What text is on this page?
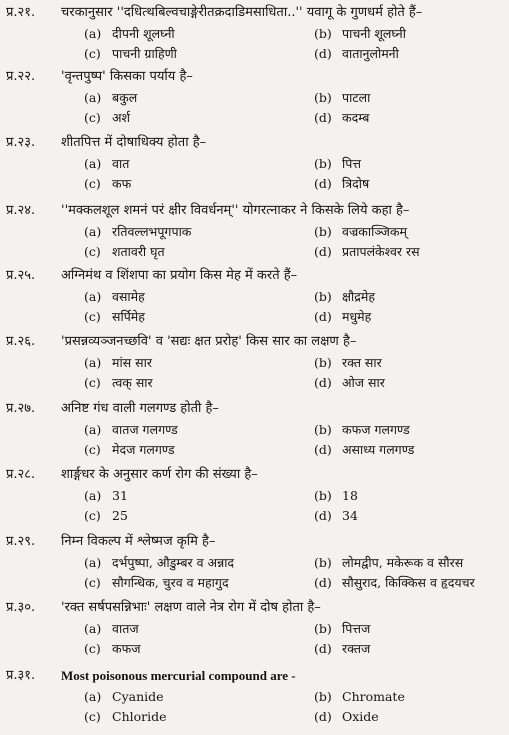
प्र.२१.	चरकानुसार ''दधित्थबिल्वचाङ्गेरीतक्रदाडिमसाधिता..'' यवागू के गुणधर्म होते हैं–
(a) दीपनी शूलघ्नी	(b) पाचनी शूलघ्नी
(c) पाचनी ग्राहिणी	(d) वातानुलोमनी
प्र.२२.	'वृन्तपुष्प' किसका पर्याय है–
(a) बकुल	(b) पाटला
(c) अर्श	(d) कदम्ब
प्र.२३.	शीतपित्त में दोषाधिक्य होता है–
(a) वात	(b) पित्त
(c) कफ	(d) त्रिदोष
प्र.२४.	''मक्कलशूल शमनं परं क्षीर विवर्धनम्'' योगरत्नाकर ने किसके लिये कहा है–
(a) रतिवल्लभपूगपाक	(b) वज्रकाञ्जिकम्
(c) शतावरी घृत	(d) प्रतापलंकेश्वर रस
प्र.२५.	अग्निमंथ व शिंशपा का प्रयोग किस मेह में करते हैं–
(a) वसामेह	(b) क्षौद्रमेह
(c) सर्पिमेह	(d) मधुमेह
प्र.२६.	'प्रसन्नव्यञ्जनच्छवि' व 'सद्यः क्षत प्ररोह' किस सार का लक्षण है–
(a) मांस सार	(b) रक्त सार
(c) त्वक् सार	(d) ओज सार
प्र.२७.	अनिष्ट गंध वाली गलगण्ड होती है–
(a) वातज गलगण्ड	(b) कफज गलगण्ड
(c) मेदज गलगण्ड	(d) असाध्य गलगण्ड
प्र.२८.	शार्ङ्गधर के अनुसार कर्ण रोग की संख्या है–
(a) 31	(b) 18
(c) 25	(d) 34
प्र.२९.	निम्न विकल्प में श्लेष्मज कृमि है–
(a) दर्भपुष्पा, औडुम्बर व अन्नाद	(b) लोमद्वीप, मकेरूक व सौरस
(c) सौगन्धिक, चुरव व महागुद	(d) सौसुराद, किक्किस व हृदयचर
प्र.३०.	'रक्त सर्षपसन्निभाः' लक्षण वाले नेत्र रोग में दोष होता है–
(a) वातज	(b) पित्तज
(c) कफज	(d) रक्तज
प्र.३१.	Most poisonous mercurial compound are -
(a) Cyanide	(b) Chromate
(c) Chloride	(d) Oxide
